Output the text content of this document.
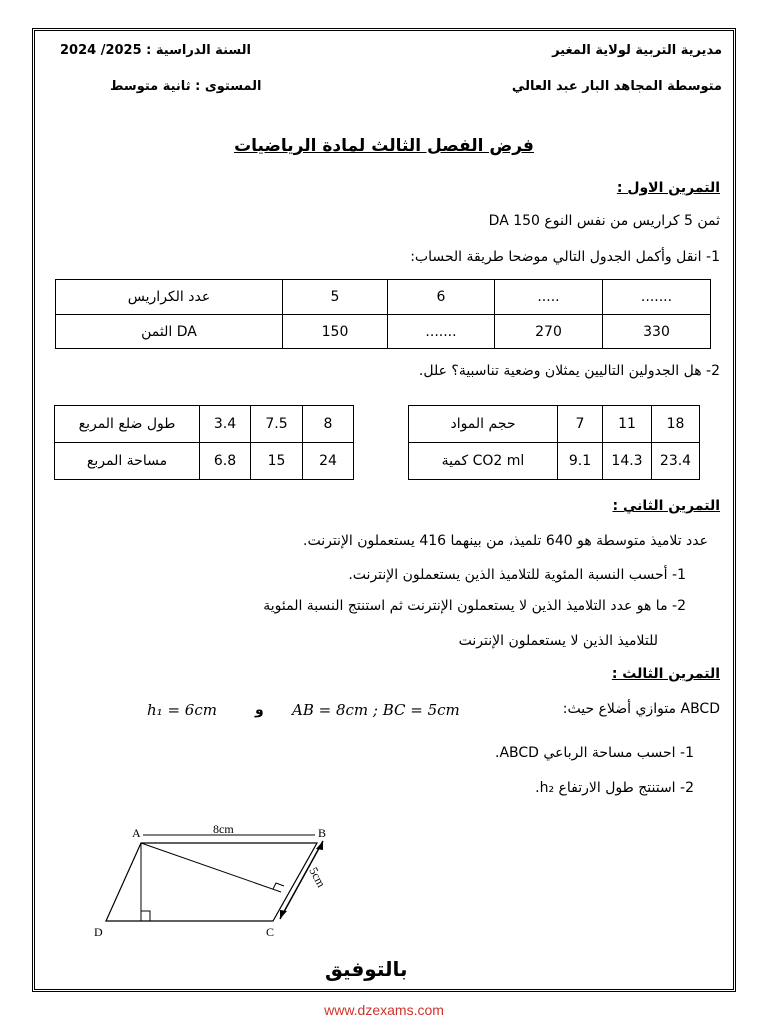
مديرية التربية لولاية المغير
متوسطة المجاهد البار عبد العالي
السنة الدراسية : 2024 /2025
المستوى : ثانية متوسط
فرض الفصل الثالث لمادة الرياضيات
التمرين الاول :
ثمن 5 كراريس من نفس النوع 150 DA
1- انقل وأكمل الجدول التالي موضحا طريقة الحساب:
عدد الكراريس	5	6	.....	.......
الثمن DA	150	.......	270	330
2- هل الجدولين التاليين يمثلان وضعية تناسبية؟ علل.
طول ضلع المربع	3.4	7.5	8
مساحة المربع	6.8	15	24
حجم المواد	7	11	18
كمية CO2 ml	9.1	14.3	23.4
التمرين الثاني :
عدد تلاميذ متوسطة هو 640 تلميذ، من بينهما 416 يستعملون الإنترنت.
1- أحسب النسبة المئوية للتلاميذ الذين يستعملون الإنترنت.
2- ما هو عدد التلاميذ الذين لا يستعملون الإنترنت ثم استنتج النسبة المئوية
للتلاميذ الذين لا يستعملون الإنترنت
التمرين الثالث :
ABCD متوازي أضلاع حيث:
AB = 8cm ; BC = 5cm
و
h₁ = 6cm
1- احسب مساحة الرباعي ABCD.
2- استنتج طول الارتفاع h₂.
A	B
C
D
8cm
5cm
بالتوفيق
www.dzexams.com
